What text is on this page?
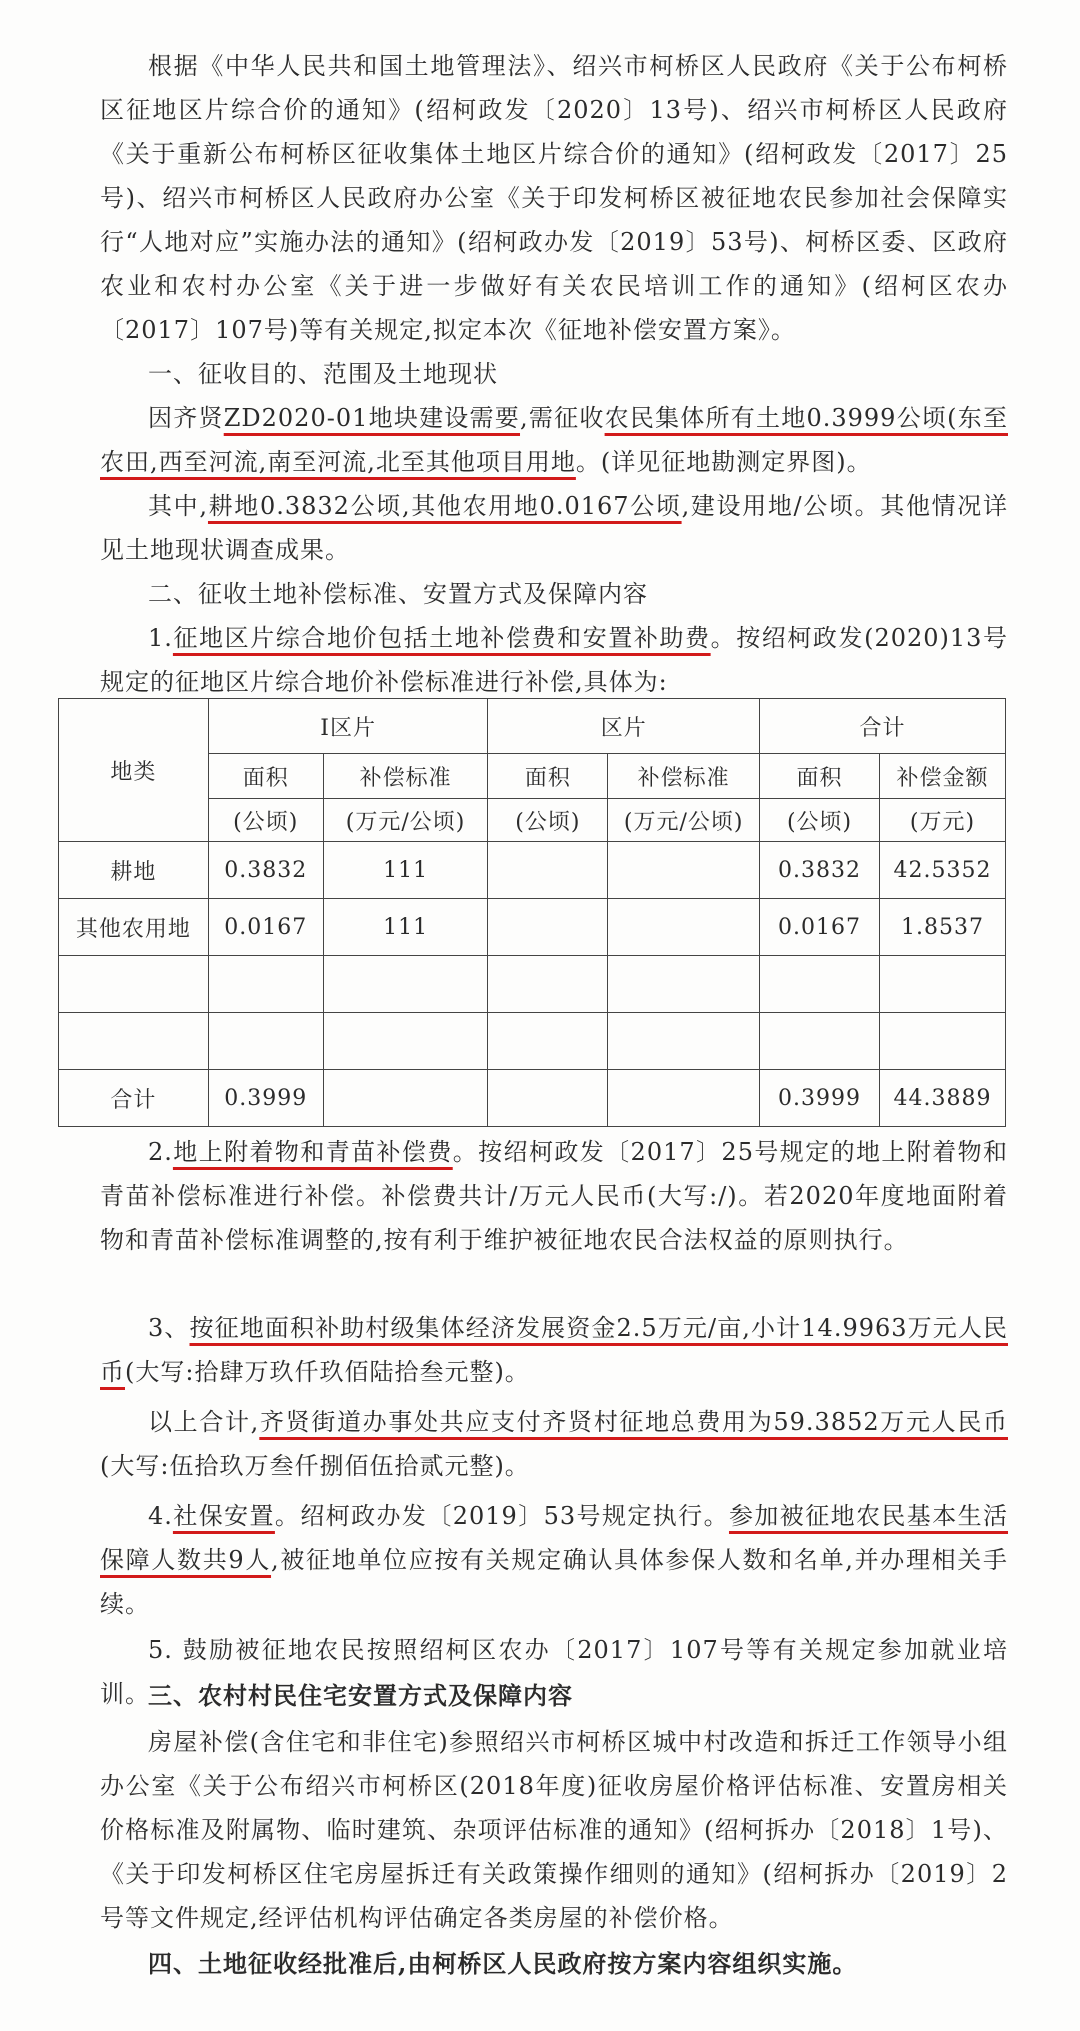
根据《中华人民共和国土地管理法》、绍兴市柯桥区人民政府《关于公布柯桥区征地区片综合价的通知》(绍柯政发〔2020〕13号)、绍兴市柯桥区人民政府《关于重新公布柯桥区征收集体土地区片综合价的通知》(绍柯政发〔2017〕25号)、绍兴市柯桥区人民政府办公室《关于印发柯桥区被征地农民参加社会保障实行“人地对应”实施办法的通知》(绍柯政办发〔2019〕53号)、柯桥区委、区政府农业和农村办公室《关于进一步做好有关农民培训工作的通知》(绍柯区农办〔2017〕107号)等有关规定,拟定本次《征地补偿安置方案》。

一、征收目的、范围及土地现状

因齐贤ZD2020-01地块建设需要,需征收农民集体所有土地0.3999公顷(东至农田,西至河流,南至河流,北至其他项目用地。(详见征地勘测定界图)。

其中,耕地0.3832公顷,其他农用地0.0167公顷,建设用地/公顷。其他情况详见土地现状调查成果。

二、征收土地补偿标准、安置方式及保障内容

1.征地区片综合地价包括土地补偿费和安置补助费。按绍柯政发(2020)13号规定的征地区片综合地价补偿标准进行补偿,具体为:

地类	I区片		区片		合计	
	面积	补偿标准	面积	补偿标准	面积	补偿金额
	(公顷)	(万元/公顷)	(公顷)	(万元/公顷)	(公顷)	(万元)
耕地	0.3832	111			0.3832	42.5352
其他农用地	0.0167	111			0.0167	1.8537

合计	0.3999				0.3999	44.3889

2.地上附着物和青苗补偿费。按绍柯政发〔2017〕25号规定的地上附着物和青苗补偿标准进行补偿。补偿费共计/万元人民币(大写:/)。若2020年度地面附着物和青苗补偿标准调整的,按有利于维护被征地农民合法权益的原则执行。

3、按征地面积补助村级集体经济发展资金2.5万元/亩,小计14.9963万元人民币(大写:拾肆万玖仟玖佰陆拾叁元整)。

以上合计,齐贤街道办事处共应支付齐贤村征地总费用为59.3852万元人民币(大写:伍拾玖万叁仟捌佰伍拾贰元整)。

4.社保安置。绍柯政办发〔2019〕53号规定执行。参加被征地农民基本生活保障人数共9人,被征地单位应按有关规定确认具体参保人数和名单,并办理相关手续。

5. 鼓励被征地农民按照绍柯区农办〔2017〕107号等有关规定参加就业培训。

三、农村村民住宅安置方式及保障内容

房屋补偿(含住宅和非住宅)参照绍兴市柯桥区城中村改造和拆迁工作领导小组办公室《关于公布绍兴市柯桥区(2018年度)征收房屋价格评估标准、安置房相关价格标准及附属物、临时建筑、杂项评估标准的通知》(绍柯拆办〔2018〕1号)、《关于印发柯桥区住宅房屋拆迁有关政策操作细则的通知》(绍柯拆办〔2019〕2号等文件规定,经评估机构评估确定各类房屋的补偿价格。

四、土地征收经批准后,由柯桥区人民政府按方案内容组织实施。
